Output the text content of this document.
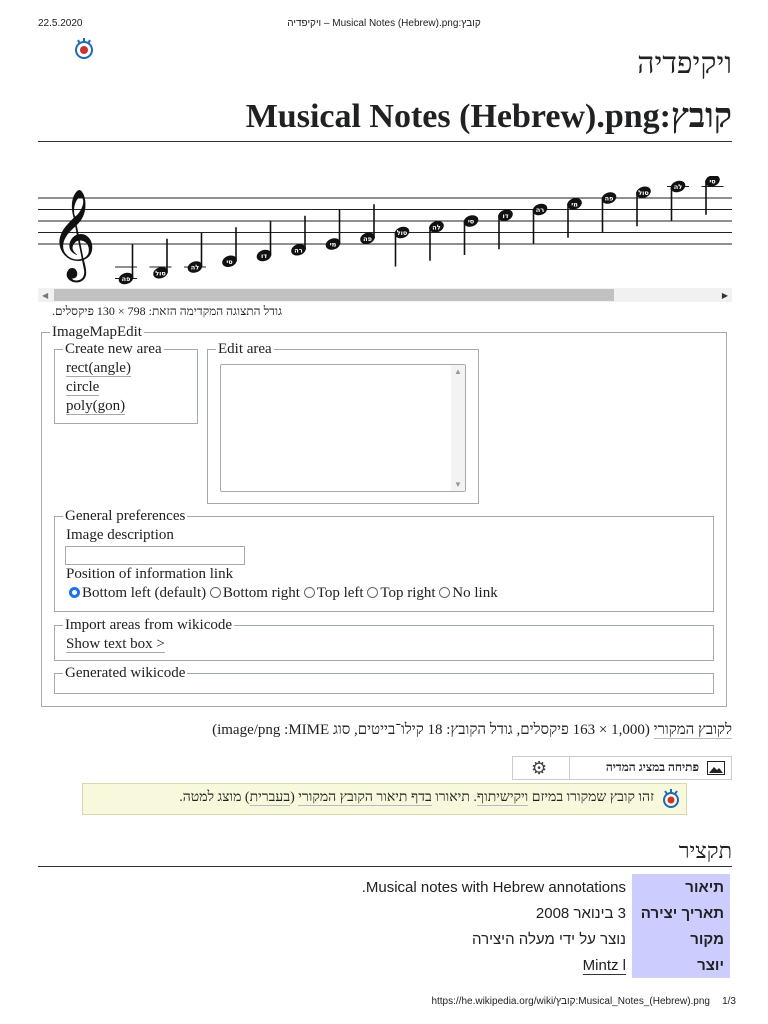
22.5.2020	קובץ:Musical Notes (Hebrew).png – ויקיפדיה
ויקיפדיה
קובץ:Musical Notes (Hebrew).png
𝄞	פה
סול
לה
סי
דו
רה
מי
פה
סול
לה
סי
דו
רה
מי
פה
סול
לה
סי
◀	▶
גודל התצוגה המקדימה הזאת: 798 × 130 פיקסלים.
ImageMapEdit
Create new area
rect(angle)
circle
poly(gon)
Edit area
▲
▼
General preferences
Image description
Position of information link
Bottom left (default) Bottom right Top left Top right No link
Import areas from wikicode
Show text box >
Generated wikicode
לקובץ המקורי (1,000 × 163 פיקסלים, גודל הקובץ: 18 קילו־בייטים, סוג MIME: ‏image/png)
⚙	פתיחה במציג המדיה
זהו קובץ שמקורו במיזם ויקישיתוף. תיאורו בדף תיאור הקובץ המקורי (בעברית) מוצג למטה.
תקציר
Musical notes with Hebrew annotations.	תיאור
3 בינואר 2008	תאריך יצירה
נוצר על ידי מעלה היצירה	מקור
Mintz l	יוצר
https://he.wikipedia.org/wiki/קובץ:Musical_Notes_(Hebrew).png 1/3
